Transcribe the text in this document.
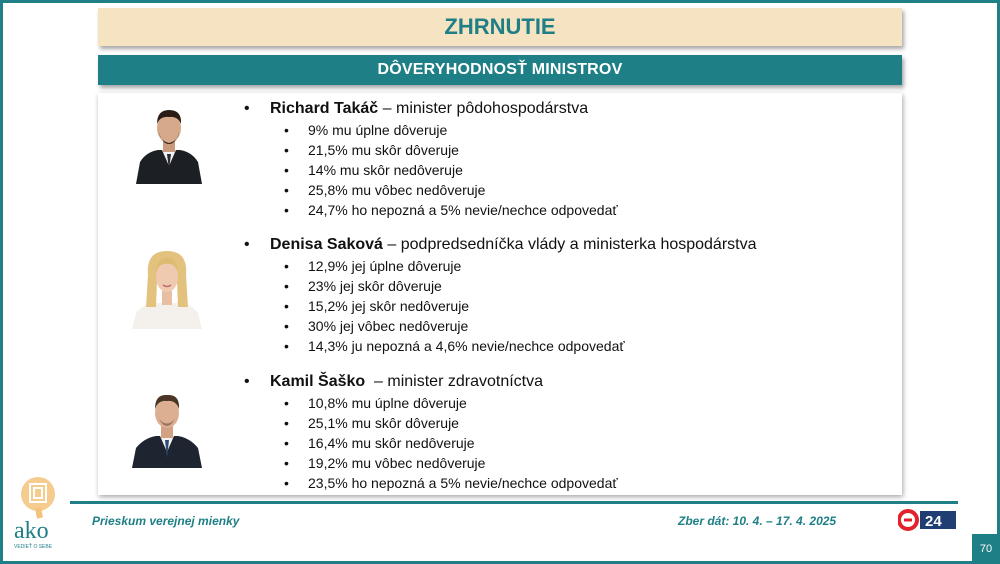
ZHRNUTIE
DÔVERYHODNOSŤ MINISTROV
• Richard Takáč – minister pôdohospodárstva
• 9% mu úplne dôveruje
• 21,5% mu skôr dôveruje
• 14% mu skôr nedôveruje
• 25,8% mu vôbec nedôveruje
• 24,7% ho nepozná a 5% nevie/nechce odpovedať
• Denisa Saková – podpredsedníčka vlády a ministerka hospodárstva
• 12,9% jej úplne dôveruje
• 23% jej skôr dôveruje
• 15,2% jej skôr nedôveruje
• 30% jej vôbec nedôveruje
• 14,3% ju nepozná a 4,6% nevie/nechce odpovedať
• Kamil Šaško  – minister zdravotníctva
• 10,8% mu úplne dôveruje
• 25,1% mu skôr dôveruje
• 16,4% mu skôr nedôveruje
• 19,2% mu vôbec nedôveruje
• 23,5% ho nepozná a 5% nevie/nechce odpovedať
ako
VEDIEŤ O SEBE
Prieskum verejnej mienky	Zber dát: 10. 4. – 17. 4. 2025	24
70
